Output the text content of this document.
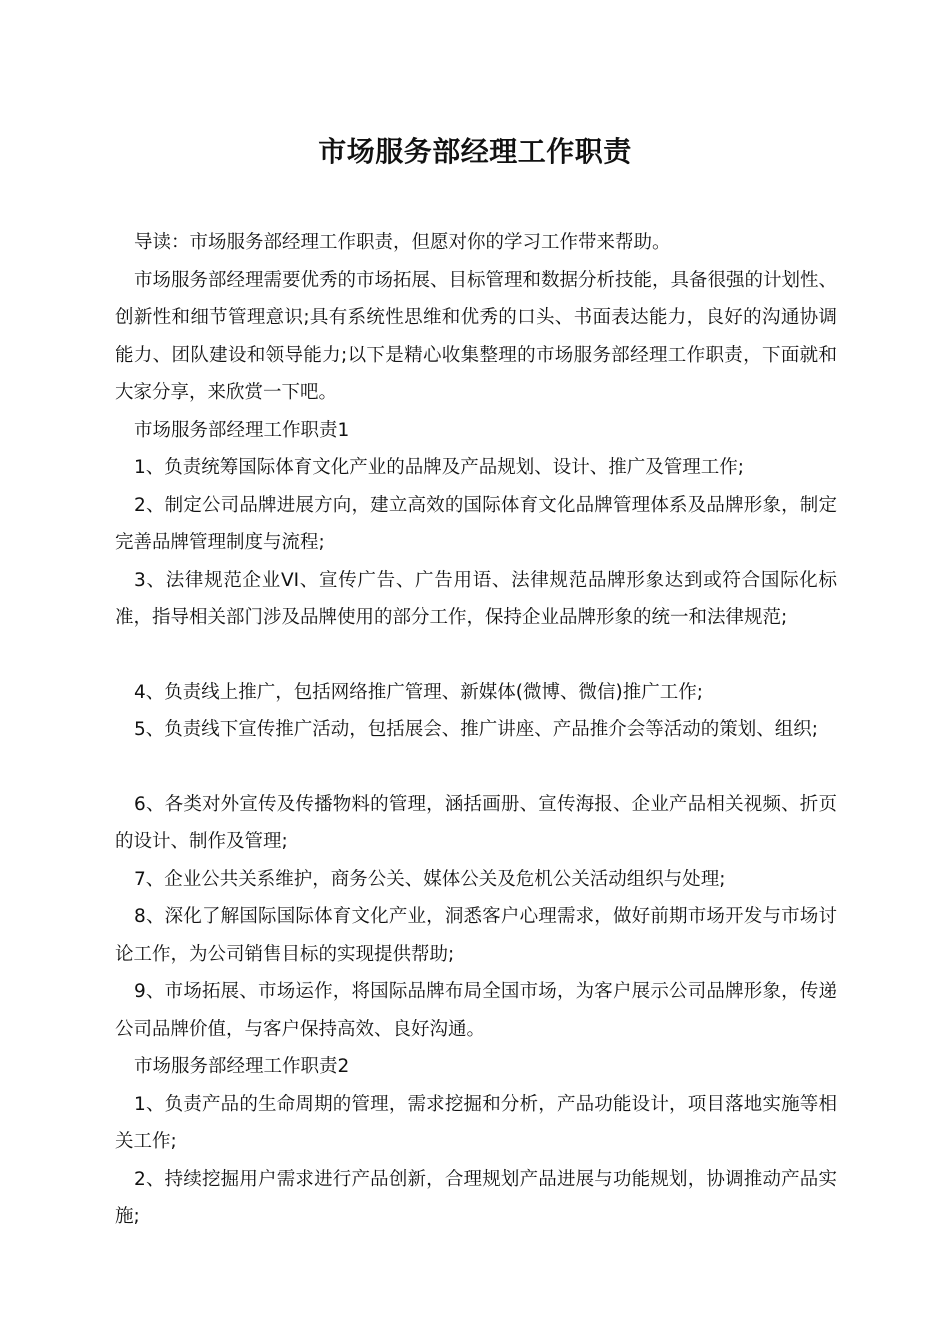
市场服务部经理工作职责

导读：市场服务部经理工作职责，但愿对你的学习工作带来帮助。

市场服务部经理需要优秀的市场拓展、目标管理和数据分析技能，具备很强的计划性、创新性和细节管理意识;具有系统性思维和优秀的口头、书面表达能力，良好的沟通协调能力、团队建设和领导能力;以下是精心收集整理的市场服务部经理工作职责，下面就和大家分享，来欣赏一下吧。

市场服务部经理工作职责1

1、负责统筹国际体育文化产业的品牌及产品规划、设计、推广及管理工作;

2、制定公司品牌进展方向，建立高效的国际体育文化品牌管理体系及品牌形象，制定完善品牌管理制度与流程;

3、法律规范企业VI、宣传广告、广告用语、法律规范品牌形象达到或符合国际化标准，指导相关部门涉及品牌使用的部分工作，保持企业品牌形象的统一和法律规范;

4、负责线上推广，包括网络推广管理、新媒体(微博、微信)推广工作;

5、负责线下宣传推广活动，包括展会、推广讲座、产品推介会等活动的策划、组织;

6、各类对外宣传及传播物料的管理，涵括画册、宣传海报、企业产品相关视频、折页的设计、制作及管理;

7、企业公共关系维护，商务公关、媒体公关及危机公关活动组织与处理;

8、深化了解国际国际体育文化产业，洞悉客户心理需求，做好前期市场开发与市场讨论工作，为公司销售目标的实现提供帮助;

9、市场拓展、市场运作，将国际品牌布局全国市场，为客户展示公司品牌形象，传递公司品牌价值，与客户保持高效、良好沟通。

市场服务部经理工作职责2

1、负责产品的生命周期的管理，需求挖掘和分析，产品功能设计，项目落地实施等相关工作;

2、持续挖掘用户需求进行产品创新，合理规划产品进展与功能规划，协调推动产品实施;
